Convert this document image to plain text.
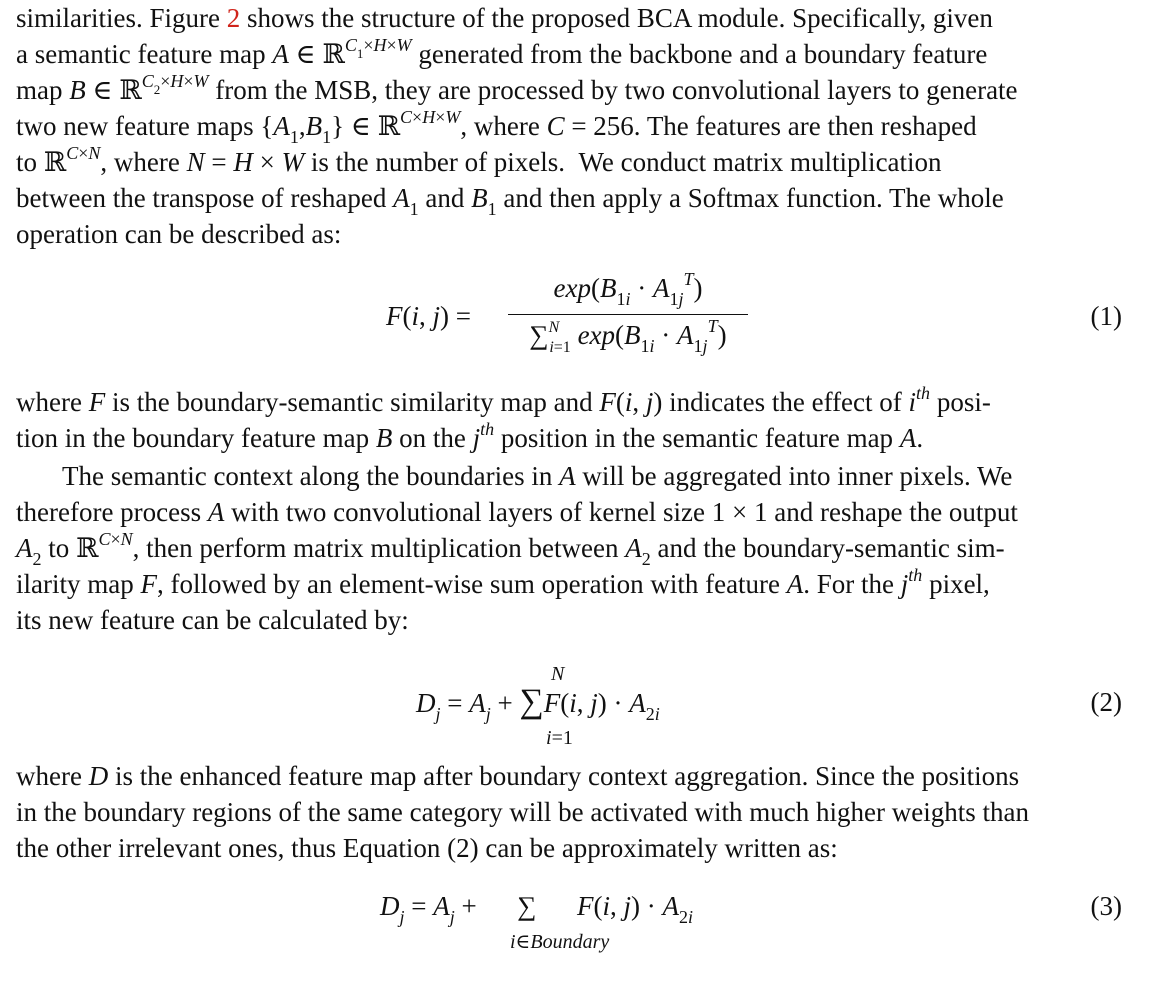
similarities. Figure 2 shows the structure of the proposed BCA module. Specifically, given
a semantic feature map A ∈ ℝ$^{C_1\times H\times W}$ generated from the backbone and a boundary feature
map B ∈ ℝ$^{C_2\times H\times W}$ from the MSB, they are processed by two convolutional layers to generate
two new feature maps $\{A_1,B_1\}$ ∈ ℝ$^{C\times H\times W}$, where C = 256. The features are then reshaped
to ℝ$^{C\times N}$, where N = H × W is the number of pixels.  We conduct matrix multiplication
between the transpose of reshaped $A_1$ and $B_1$ and then apply a Softmax function. The whole
operation can be described as:
F(i, j) =
$\exp(B_{1i} \cdot A_{1j}^T)$
∑$^N_{i=1}$ $\exp(B_{1i} \cdot A_{1j}^T)$
(1)
where F is the boundary-semantic similarity map and F(i, j) indicates the effect of $i^{th}$ posi-
tion in the boundary feature map B on the $j^{th}$ position in the semantic feature map A.
The semantic context along the boundaries in A will be aggregated into inner pixels. We
therefore process A with two convolutional layers of kernel size 1 × 1 and reshape the output
$A_2$ to ℝ$^{C\times N}$, then perform matrix multiplication between $A_2$ and the boundary-semantic sim-
ilarity map F, followed by an element-wise sum operation with feature A. For the $j^{th}$ pixel,
its new feature can be calculated by:
N
$D_j = A_j + \sum F(i$, $j) \cdot A_{2i}$
i=1
(2)
where D is the enhanced feature map after boundary context aggregation. Since the positions
in the boundary regions of the same category will be activated with much higher weights than
the other irrelevant ones, thus Equation (2) can be approximately written as:
$D_j = A_j$ +      ∑      F(i, $j) \cdot A_{2i}$
i∈Boundary
(3)
